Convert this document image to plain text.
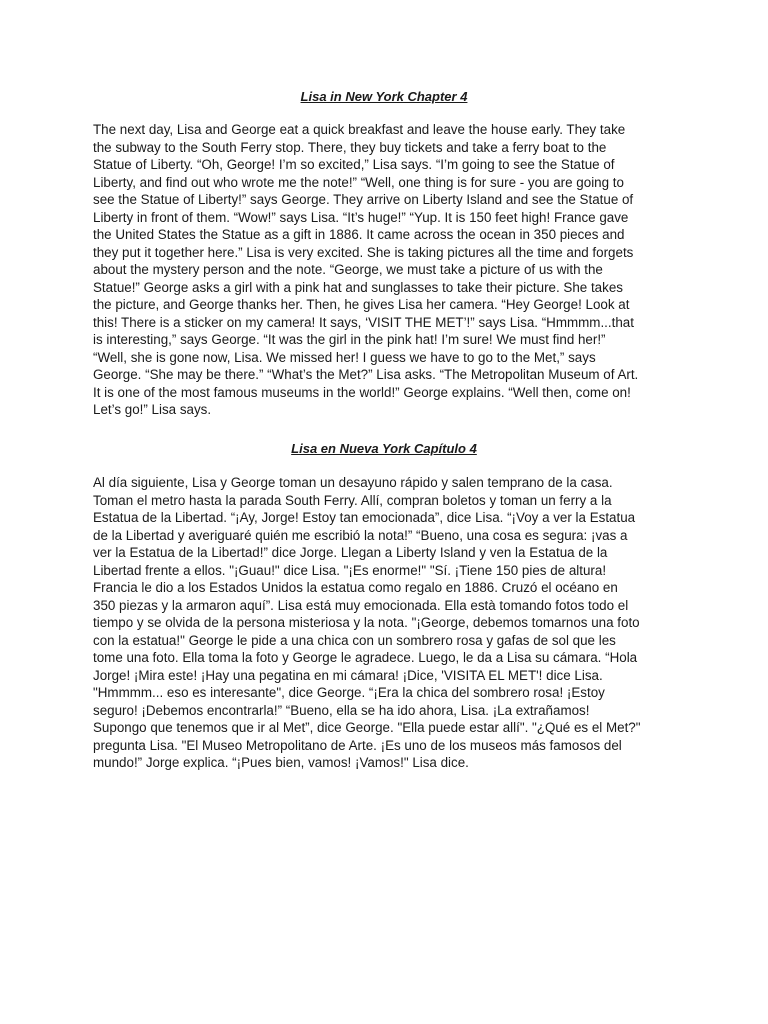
Lisa in New York Chapter 4

The next day, Lisa and George eat a quick breakfast and leave the house early. They take
the subway to the South Ferry stop. There, they buy tickets and take a ferry boat to the
Statue of Liberty. “Oh, George! I’m so excited,” Lisa says. “I’m going to see the Statue of
Liberty, and find out who wrote me the note!” “Well, one thing is for sure - you are going to
see the Statue of Liberty!” says George. They arrive on Liberty Island and see the Statue of
Liberty in front of them. “Wow!” says Lisa. “It’s huge!” “Yup. It is 150 feet high! France gave
the United States the Statue as a gift in 1886. It came across the ocean in 350 pieces and
they put it together here.” Lisa is very excited. She is taking pictures all the time and forgets
about the mystery person and the note. “George, we must take a picture of us with the
Statue!” George asks a girl with a pink hat and sunglasses to take their picture. She takes
the picture, and George thanks her. Then, he gives Lisa her camera. “Hey George! Look at
this! There is a sticker on my camera! It says, ‘VISIT THE MET’!” says Lisa. “Hmmmm...that
is interesting,” says George. “It was the girl in the pink hat! I’m sure! We must find her!”
“Well, she is gone now, Lisa. We missed her! I guess we have to go to the Met,” says
George. “She may be there.” “What’s the Met?” Lisa asks. “The Metropolitan Museum of Art.
It is one of the most famous museums in the world!” George explains. “Well then, come on!
Let’s go!” Lisa says.

Lisa en Nueva York Capítulo 4

Al día siguiente, Lisa y George toman un desayuno rápido y salen temprano de la casa.
Toman el metro hasta la parada South Ferry. Allí, compran boletos y toman un ferry a la
Estatua de la Libertad. “¡Ay, Jorge! Estoy tan emocionada”, dice Lisa. “¡Voy a ver la Estatua
de la Libertad y averiguaré quién me escribió la nota!” “Bueno, una cosa es segura: ¡vas a
ver la Estatua de la Libertad!” dice Jorge. Llegan a Liberty Island y ven la Estatua de la
Libertad frente a ellos. "¡Guau!" dice Lisa. "¡Es enorme!" "Sí. ¡Tiene 150 pies de altura!
Francia le dio a los Estados Unidos la estatua como regalo en 1886. Cruzó el océano en
350 piezas y la armaron aquí”. Lisa está muy emocionada. Ella està tomando fotos todo el
tiempo y se olvida de la persona misteriosa y la nota. "¡George, debemos tomarnos una foto
con la estatua!" George le pide a una chica con un sombrero rosa y gafas de sol que les
tome una foto. Ella toma la foto y George le agradece. Luego, le da a Lisa su cámara. “Hola
Jorge! ¡Mira este! ¡Hay una pegatina en mi cámara! ¡Dice, 'VISITA EL MET'! dice Lisa.
"Hmmmm... eso es interesante", dice George. “¡Era la chica del sombrero rosa! ¡Estoy
seguro! ¡Debemos encontrarla!” “Bueno, ella se ha ido ahora, Lisa. ¡La extrañamos!
Supongo que tenemos que ir al Met”, dice George. "Ella puede estar allí". "¿Qué es el Met?"
pregunta Lisa. "El Museo Metropolitano de Arte. ¡Es uno de los museos más famosos del
mundo!” Jorge explica. “¡Pues bien, vamos! ¡Vamos!" Lisa dice.
